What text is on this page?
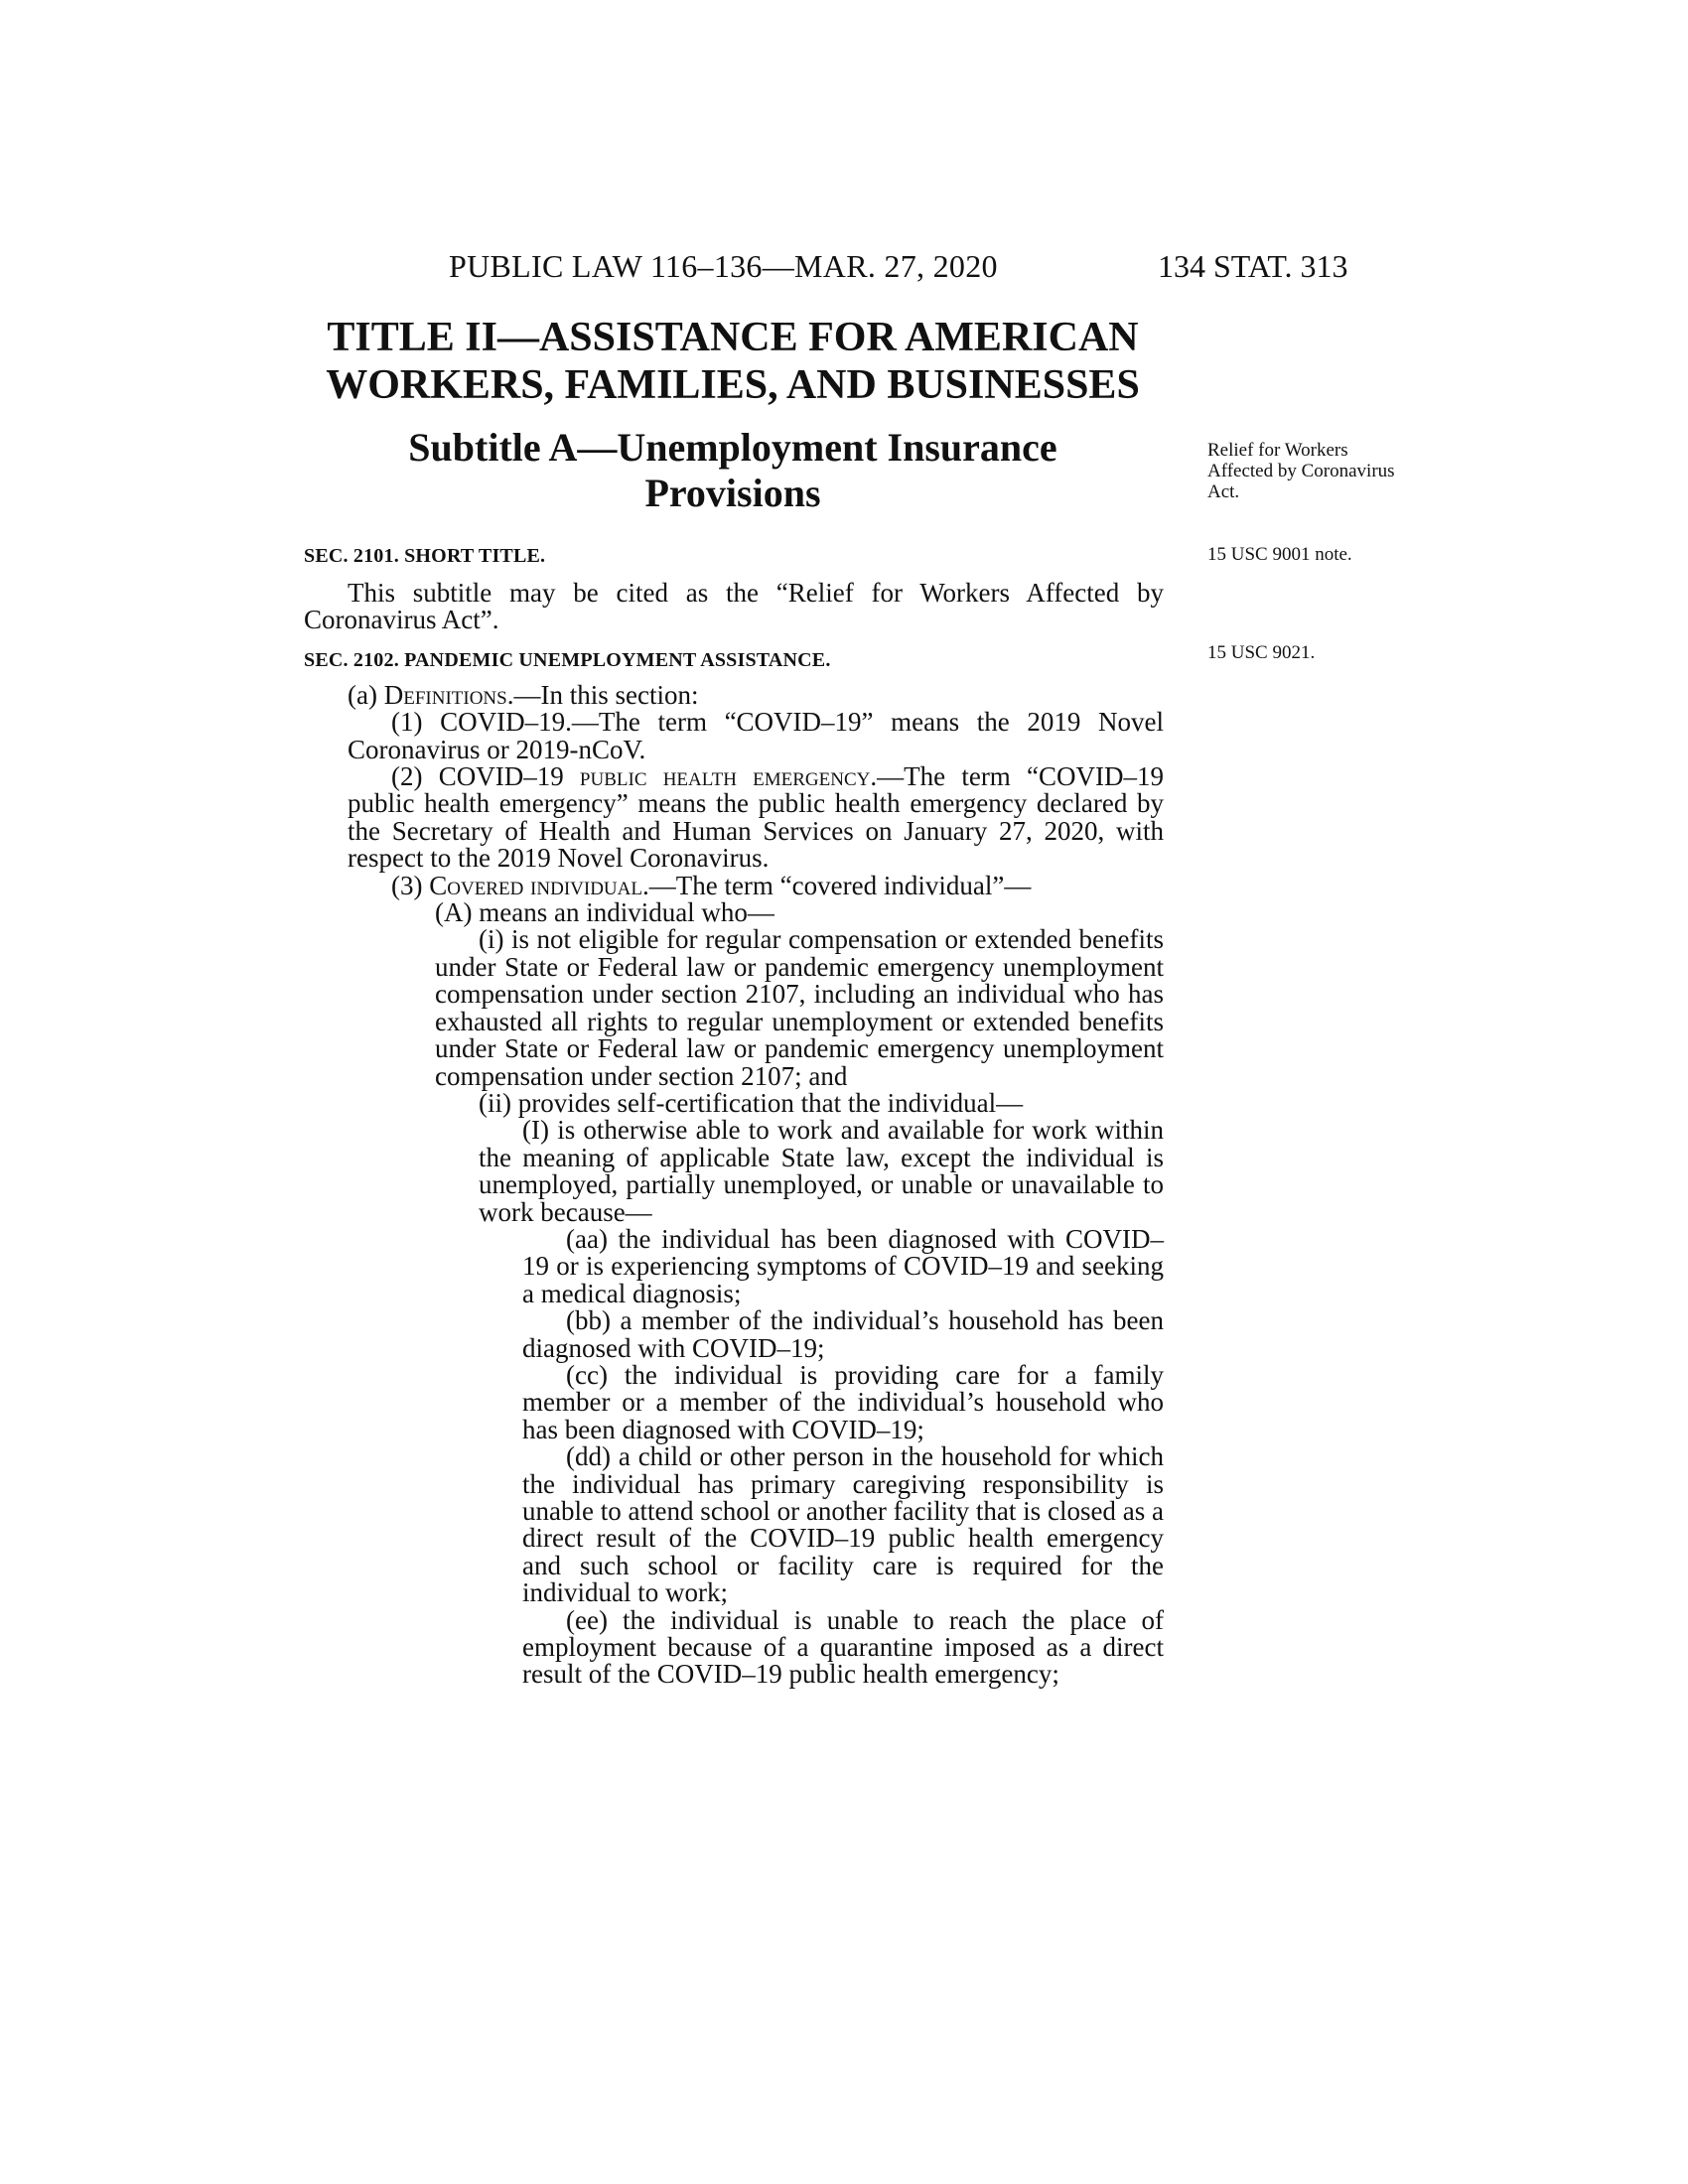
PUBLIC LAW 116–136—MAR. 27, 2020	134 STAT. 313
TITLE II—ASSISTANCE FOR AMERICAN
WORKERS, FAMILIES, AND BUSINESSES
Subtitle A—Unemployment Insurance
Provisions
Relief for Workers Affected by Coronavirus Act.
15 USC 9001 note.
15 USC 9021.
SEC. 2101. SHORT TITLE.

This subtitle may be cited as the “Relief for Workers Affected by Coronavirus Act”.

SEC. 2102. PANDEMIC UNEMPLOYMENT ASSISTANCE.

(a) Definitions.—In this section:

(1) COVID–19.—The term “COVID–19” means the 2019 Novel Coronavirus or 2019-nCoV.

(2) COVID–19 public health emergency.—The term “COVID–19 public health emergency” means the public health emergency declared by the Secretary of Health and Human Services on January 27, 2020, with respect to the 2019 Novel Coronavirus.

(3) Covered individual.—The term “covered individual”—

(A) means an individual who—

(i) is not eligible for regular compensation or extended benefits under State or Federal law or pandemic emergency unemployment compensation under section 2107, including an individual who has exhausted all rights to regular unemployment or extended benefits under State or Federal law or pandemic emergency unemployment compensation under section 2107; and

(ii) provides self-certification that the individual—

(I) is otherwise able to work and available for work within the meaning of applicable State law, except the individual is unemployed, partially unemployed, or unable or unavailable to work because—

(aa) the individual has been diagnosed with COVID–19 or is experiencing symptoms of COVID–19 and seeking a medical diagnosis;

(bb) a member of the individual’s household has been diagnosed with COVID–19;

(cc) the individual is providing care for a family member or a member of the individual’s household who has been diagnosed with COVID–19;

(dd) a child or other person in the household for which the individual has primary caregiving responsibility is unable to attend school or another facility that is closed as a direct result of the COVID–19 public health emergency and such school or facility care is required for the individual to work;

(ee) the individual is unable to reach the place of employment because of a quarantine imposed as a direct result of the COVID–19 public health emergency;
